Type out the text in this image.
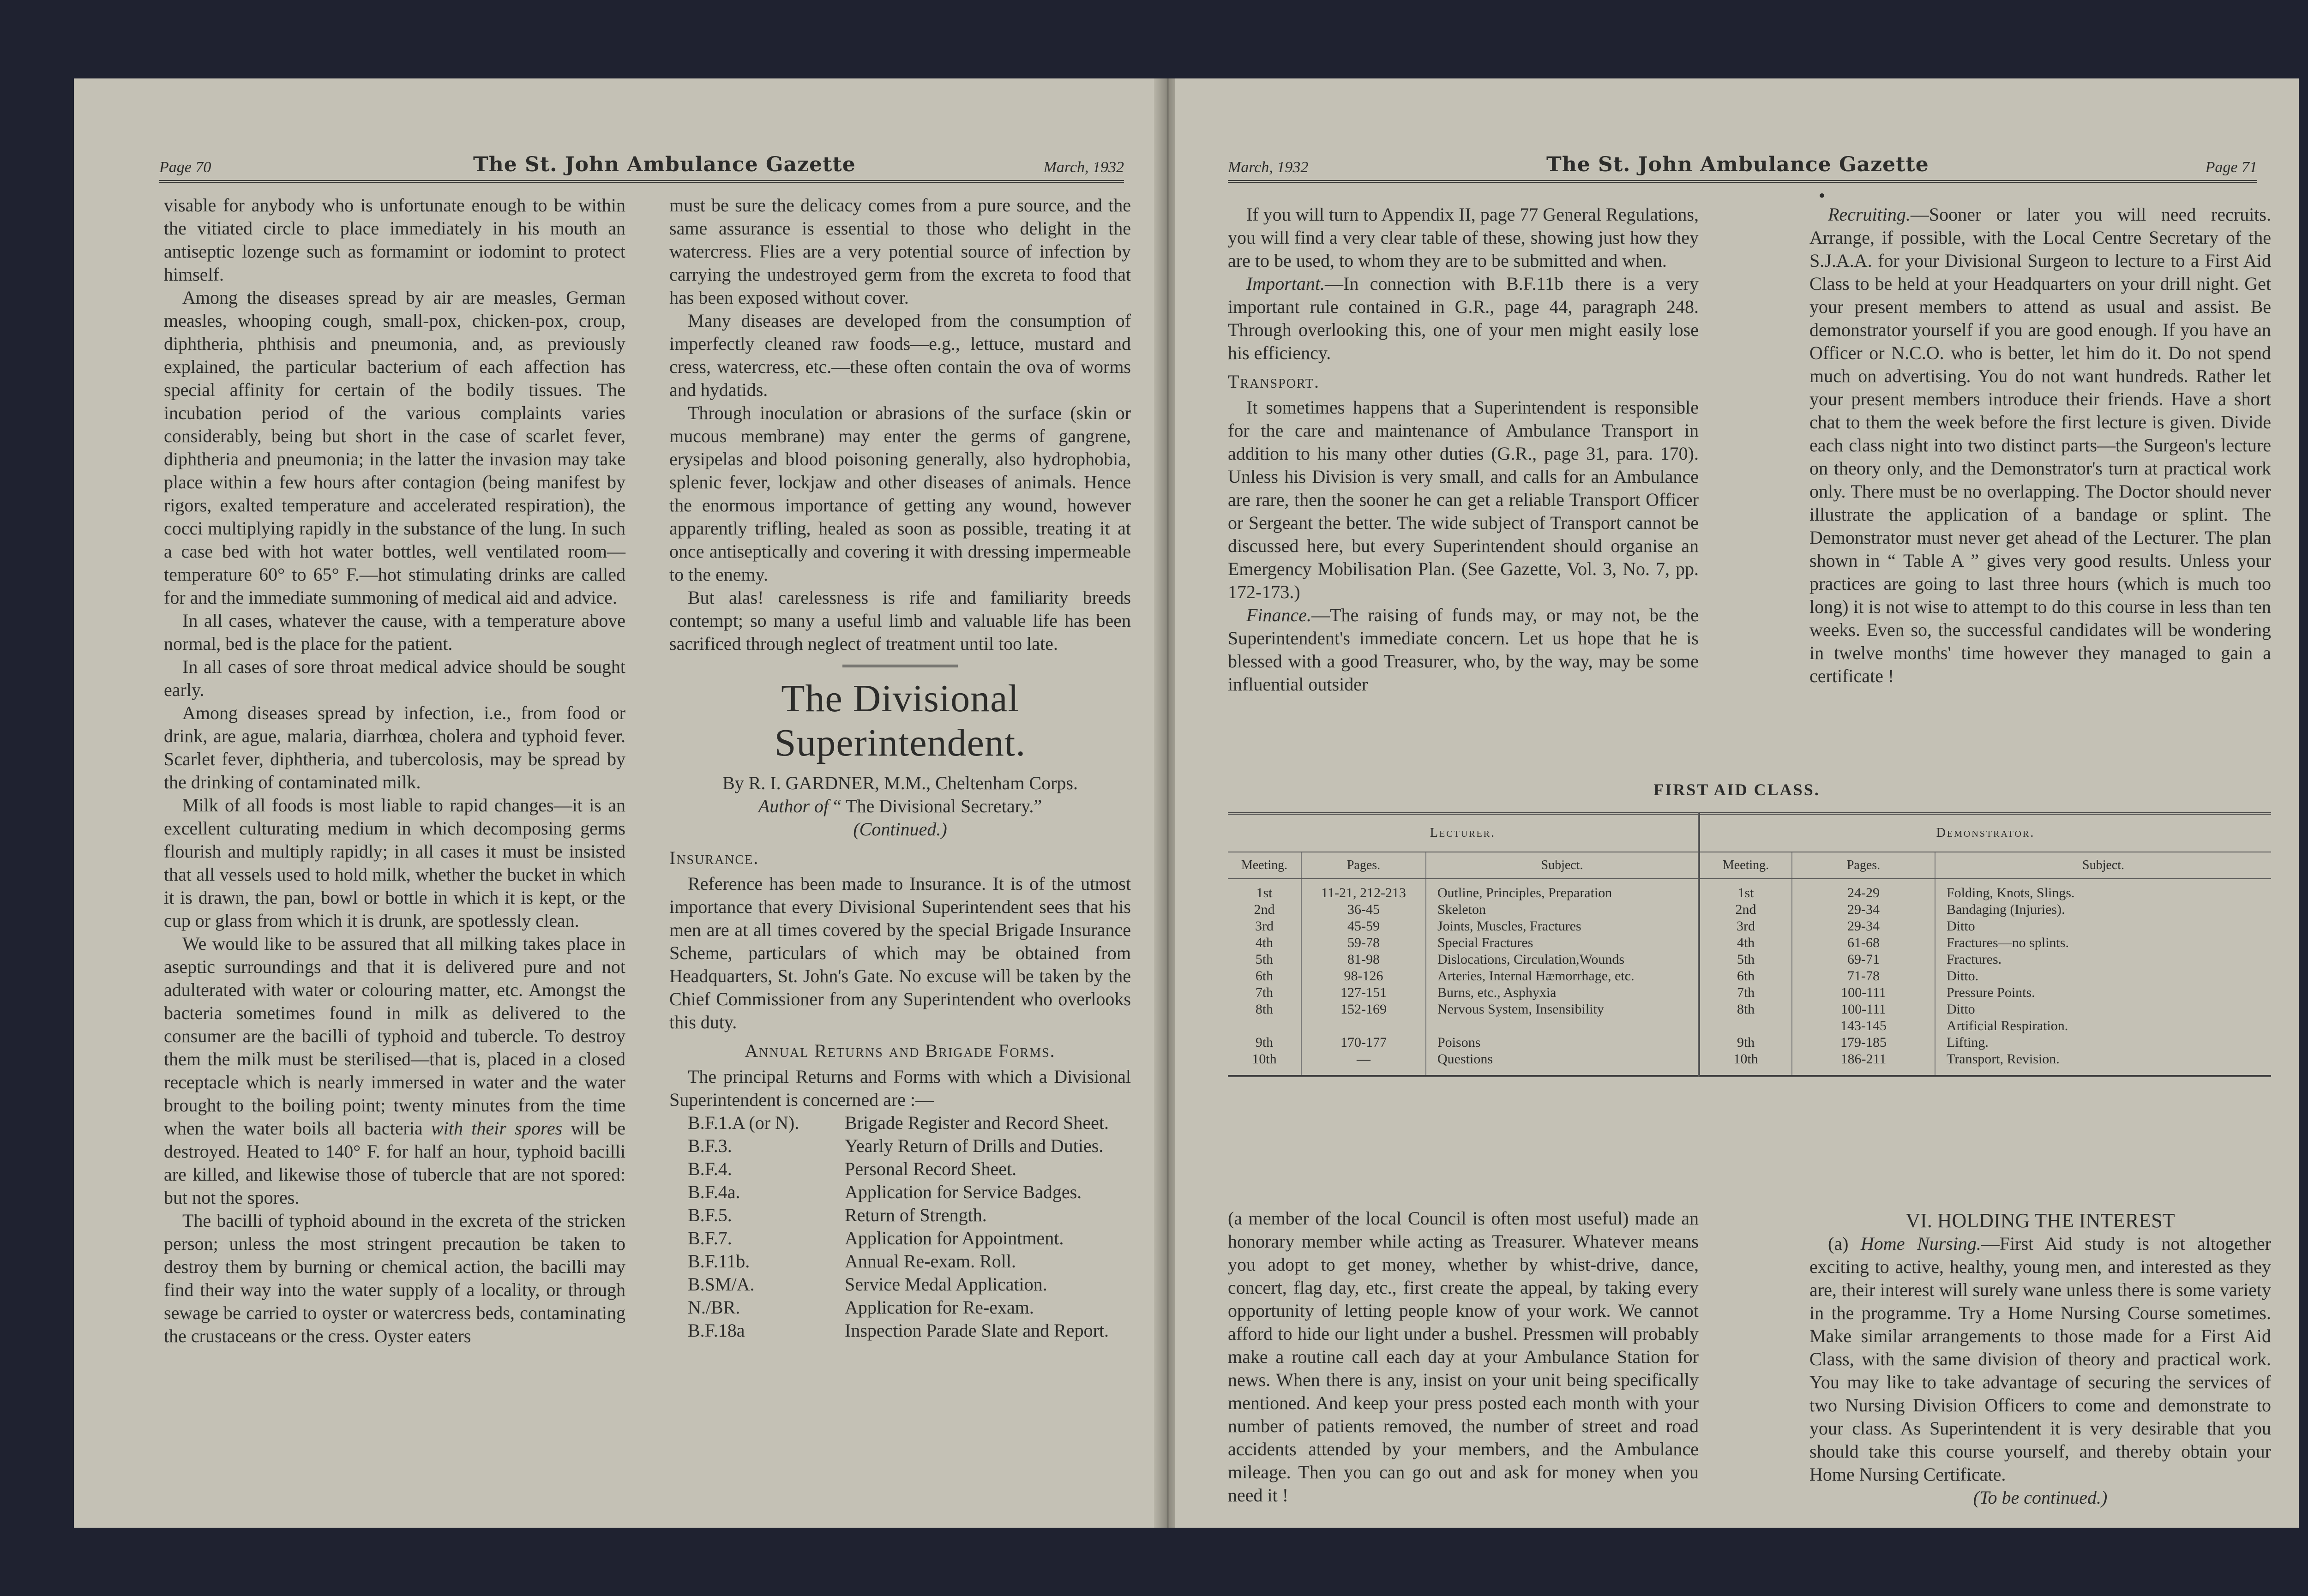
Page 70	The St. John Ambulance Gazette	March, 1932

visable for anybody who is unfortunate enough to be within the vitiated circle to place immediately in his mouth an antiseptic lozenge such as formamint or iodomint to protect himself.

Among the diseases spread by air are measles, German measles, whooping cough, small-pox, chicken-pox, croup, diphtheria, phthisis and pneumonia, and, as previously explained, the particular bacterium of each affection has special affinity for certain of the bodily tissues. The incubation period of the various complaints varies considerably, being but short in the case of scarlet fever, diphtheria and pneumonia; in the latter the invasion may take place within a few hours after contagion (being manifest by rigors, exalted temperature and accelerated respiration), the cocci multiplying rapidly in the substance of the lung. In such a case bed with hot water bottles, well ventilated room—temperature 60° to 65° F.—hot stimulating drinks are called for and the immediate summoning of medical aid and advice.

In all cases, whatever the cause, with a temperature above normal, bed is the place for the patient.

In all cases of sore throat medical advice should be sought early.

Among diseases spread by infection, i.e., from food or drink, are ague, malaria, diarrhœa, cholera and typhoid fever. Scarlet fever, diphtheria, and tubercolosis, may be spread by the drinking of contaminated milk.

Milk of all foods is most liable to rapid changes—it is an excellent culturating medium in which decomposing germs flourish and multiply rapidly; in all cases it must be insisted that all vessels used to hold milk, whether the bucket in which it is drawn, the pan, bowl or bottle in which it is kept, or the cup or glass from which it is drunk, are spotlessly clean.

We would like to be assured that all milking takes place in aseptic surroundings and that it is delivered pure and not adulterated with water or colouring matter, etc. Amongst the bacteria sometimes found in milk as delivered to the consumer are the bacilli of typhoid and tubercle. To destroy them the milk must be sterilised—that is, placed in a closed receptacle which is nearly immersed in water and the water brought to the boiling point; twenty minutes from the time when the water boils all bacteria with their spores will be destroyed. Heated to 140° F. for half an hour, typhoid bacilli are killed, and likewise those of tubercle that are not spored: but not the spores.

The bacilli of typhoid abound in the excreta of the stricken person; unless the most stringent precaution be taken to destroy them by burning or chemical action, the bacilli may find their way into the water supply of a locality, or through sewage be carried to oyster or watercress beds, contaminating the crustaceans or the cress. Oyster eaters

must be sure the delicacy comes from a pure source, and the same assurance is essential to those who delight in the watercress. Flies are a very potential source of infection by carrying the undestroyed germ from the excreta to food that has been exposed without cover.

Many diseases are developed from the consumption of imperfectly cleaned raw foods—e.g., lettuce, mustard and cress, watercress, etc.—these often contain the ova of worms and hydatids.

Through inoculation or abrasions of the surface (skin or mucous membrane) may enter the germs of gangrene, erysipelas and blood poisoning generally, also hydrophobia, splenic fever, lockjaw and other diseases of animals. Hence the enormous importance of getting any wound, however apparently trifling, healed as soon as possible, treating it at once antiseptically and covering it with dressing impermeable to the enemy.

But alas! carelessness is rife and familiarity breeds contempt; so many a useful limb and valuable life has been sacrificed through neglect of treatment until too late.

The Divisional Superintendent.

By R. I. GARDNER, M.M., Cheltenham Corps.

Author of “ The Divisional Secretary.”

(Continued.)

Insurance.

Reference has been made to Insurance. It is of the utmost importance that every Divisional Superintendent sees that his men are at all times covered by the special Brigade Insurance Scheme, particulars of which may be obtained from Headquarters, St. John's Gate. No excuse will be taken by the Chief Commissioner from any Superintendent who overlooks this duty.

Annual Returns and Brigade Forms.

The principal Returns and Forms with which a Divisional Superintendent is concerned are :—

B.F.1.A (or N).	Brigade Register and Record Sheet.
B.F.3.	Yearly Return of Drills and Duties.
B.F.4.	Personal Record Sheet.
B.F.4a.	Application for Service Badges.
B.F.5.	Return of Strength.
B.F.7.	Application for Appointment.
B.F.11b.	Annual Re-exam. Roll.
B.SM/A.	Service Medal Application.
N./BR.	Application for Re-exam.
B.F.18a	Inspection Parade Slate and Report.
March, 1932	The St. John Ambulance Gazette	Page 71

If you will turn to Appendix II, page 77 General Regulations, you will find a very clear table of these, showing just how they are to be used, to whom they are to be submitted and when.

Important.—In connection with B.F.11b there is a very important rule contained in G.R., page 44, paragraph 248. Through overlooking this, one of your men might easily lose his efficiency.

Transport.

It sometimes happens that a Superintendent is responsible for the care and maintenance of Ambulance Transport in addition to his many other duties (G.R., page 31, para. 170). Unless his Division is very small, and calls for an Ambulance are rare, then the sooner he can get a reliable Transport Officer or Sergeant the better. The wide subject of Transport cannot be discussed here, but every Superintendent should organise an Emergency Mobilisation Plan. (See Gazette, Vol. 3, No. 7, pp. 172-173.)

Finance.—The raising of funds may, or may not, be the Superintendent's immediate concern. Let us hope that he is blessed with a good Treasurer, who, by the way, may be some influential outsider

•

Recruiting.—Sooner or later you will need recruits. Arrange, if possible, with the Local Centre Secretary of the S.J.A.A. for your Divisional Surgeon to lecture to a First Aid Class to be held at your Headquarters on your drill night. Get your present members to attend as usual and assist. Be demonstrator yourself if you are good enough. If you have an Officer or N.C.O. who is better, let him do it. Do not spend much on advertising. You do not want hundreds. Rather let your present members introduce their friends. Have a short chat to them the week before the first lecture is given. Divide each class night into two distinct parts—the Surgeon's lecture on theory only, and the Demonstrator's turn at practical work only. There must be no overlapping. The Doctor should never illustrate the application of a bandage or splint. The Demonstrator must never get ahead of the Lecturer. The plan shown in “ Table A ” gives very good results. Unless your practices are going to last three hours (which is much too long) it is not wise to attempt to do this course in less than ten weeks. Even so, the successful candidates will be wondering in twelve months' time however they managed to gain a certificate !

FIRST AID CLASS.
Lecturer.			Demonstrator.		
Meeting.	Pages.	Subject.	Meeting.	Pages.	Subject.
1st	11-21, 212-213	Outline, Principles, Preparation	1st	24-29	Folding, Knots, Slings.
2nd	36-45	Skeleton	2nd	29-34	Bandaging (Injuries).
3rd	45-59	Joints, Muscles, Fractures	3rd	29-34	Ditto
4th	59-78	Special Fractures	4th	61-68	Fractures—no splints.
5th	81-98	Dislocations, Circulation,Wounds	5th	69-71	Fractures.
6th	98-126	Arteries, Internal Hæmorrhage, etc.	6th	71-78	Ditto.
7th	127-151	Burns, etc., Asphyxia	7th	100-111	Pressure Points.
8th	152-169	Nervous System, Insensibility	8th	100-111	Ditto
				143-145	Artificial Respiration.
9th	170-177	Poisons	9th	179-185	Lifting.
10th	—	Questions	10th	186-211	Transport, Revision.

(a member of the local Council is often most useful) made an honorary member while acting as Treasurer. Whatever means you adopt to get money, whether by whist-drive, dance, concert, flag day, etc., first create the appeal, by taking every opportunity of letting people know of your work. We cannot afford to hide our light under a bushel. Pressmen will probably make a routine call each day at your Ambulance Station for news. When there is any, insist on your unit being specifically mentioned. And keep your press posted each month with your number of patients removed, the number of street and road accidents attended by your members, and the Ambulance mileage. Then you can go out and ask for money when you need it !

VI. HOLDING THE INTEREST

(a) Home Nursing.—First Aid study is not altogether exciting to active, healthy, young men, and interested as they are, their interest will surely wane unless there is some variety in the programme. Try a Home Nursing Course sometimes. Make similar arrangements to those made for a First Aid Class, with the same division of theory and practical work. You may like to take advantage of securing the services of two Nursing Division Officers to come and demonstrate to your class. As Superintendent it is very desirable that you should take this course yourself, and thereby obtain your Home Nursing Certificate.

(To be continued.)
